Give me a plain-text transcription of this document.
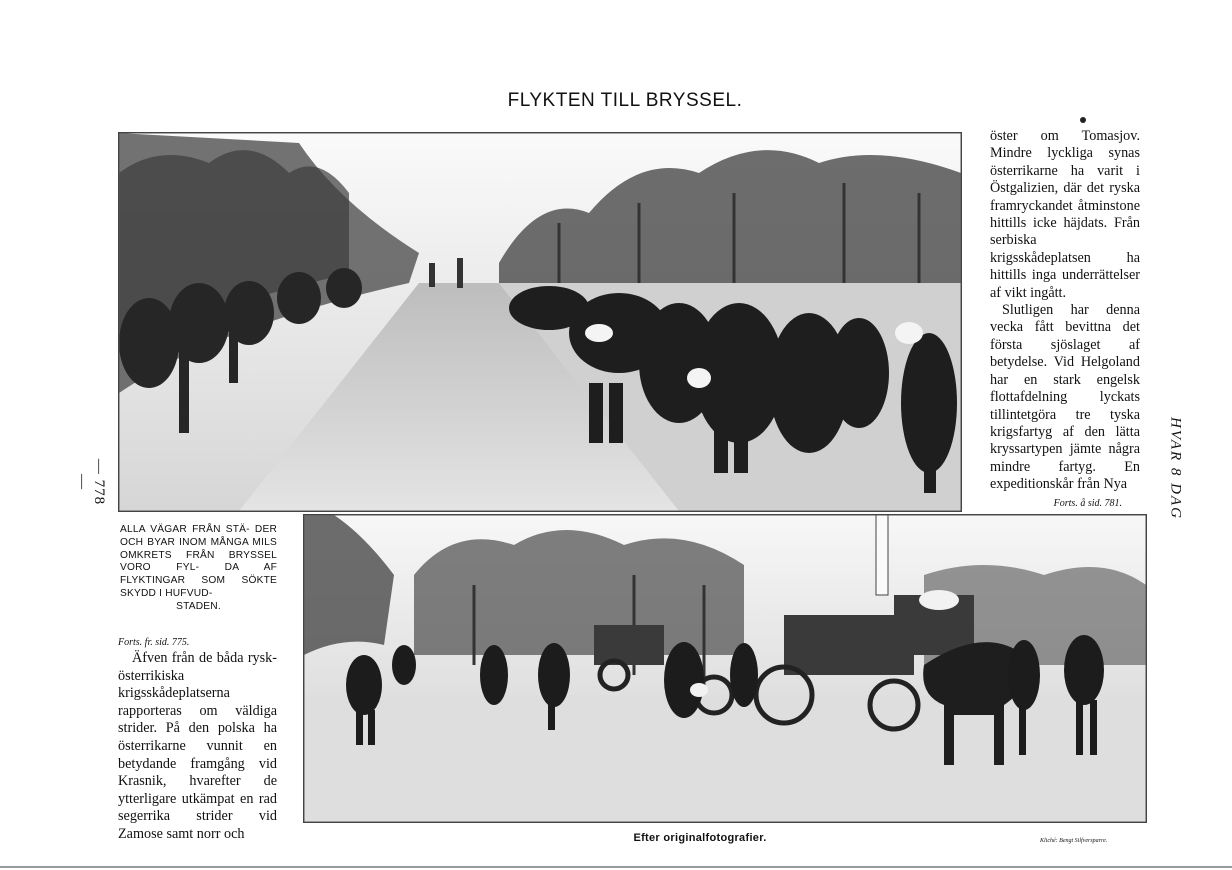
FLYKTEN TILL BRYSSEL.

öster om Tomasjov. Mindre lyckliga synas österrikarne ha varit i Östgalizien, där det ryska framryckandet åtminstone hittills icke häjdats. Från serbiska krigsskådeplatsen ha hittills inga underrättelser af vikt ingått.

Slutligen har denna vecka fått bevittna det första sjöslaget af betydelse. Vid Helgoland har en stark engelsk flottafdelning lyckats tillintetgöra tre tyska krigsfartyg af den lätta kryssartypen jämte några mindre fartyg. En expeditionskår från Nya

Forts. å sid. 781.
ALLA VÄGAR FRÅN STÄ- DER OCH BYAR INOM MÅNGA MILS OMKRETS FRÅN BRYSSEL VORO FYL- DA AF FLYKTINGAR SOM SÖKTE SKYDD I HUFVUD-
STADEN.
Forts. fr. sid. 775.

Äfven från de båda rysk-österrikiska krigsskådeplatserna rapporteras om väldiga strider. På den polska ha österrikarne vunnit en betydande framgång vid Krasnik, hvarefter de ytterligare utkämpat en rad segerrika strider vid Zamose samt norr och	Efter originalfotografier.	Kliché: Bengt Silfversparre.
— 778 —	HVAR 8 DAG
